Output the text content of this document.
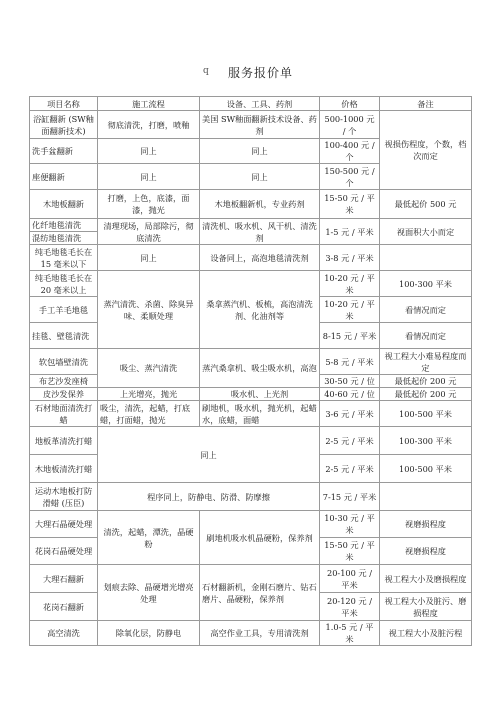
q 服务报价单
项目名称	施工流程	设备、工具、药剂	价格	备注
浴缸翻新 (SW釉面翻新技术)	彻底清洗，打磨，喷釉	美国 SW釉面翻新技术设备、药剂	500-1000 元 / 个	视损伤程度，个数，档次而定
洗手盆翻新	同上	同上	100-400 元 / 个	
座便翻新	同上	同上	150-500 元 / 个	
木地板翻新	打磨，上色，底漆，面漆，抛光	木地板翻新机，专业药剂	15-50 元 / 平米	最低起价 500 元
化纤地毯清洗	清理现场，局部除污，彻底清洗	清洗机、吸水机、风干机、清洗剂	1-5 元 / 平米	视面积大小而定
混纺地毯清洗				
纯毛地毯毛长在 15 毫米以下	同上	设备同上，高泡地毯清洗剂	3-8 元 / 平米	
纯毛地毯毛长在 20 毫米以上	蒸汽清洗、杀菌、除臭异味、柔顺处理	桑拿蒸汽机、板梳，高泡清洗剂、化油剂等	10-20 元 / 平米	100-300 平米
手工羊毛地毯			10-20 元 / 平米	看情况而定
挂毯、壁毯清洗			8-15 元 / 平米	看情况而定
软包墙壁清洗	吸尘、蒸汽清洗	蒸汽桑拿机、吸尘吸水机，高泡	5-8 元 / 平米	视工程大小难易程度而定
布艺沙发座椅			30-50 元 / 位	最低起价 200 元
皮沙发保养	上光增亮，抛光	吸水机、上光剂	40-60 元 / 位	最低起价 200 元
石材地面清洗打蜡	吸尘，清洗，起蜡，打底蜡，打面蜡，抛光	刷地机，吸水机，抛光机，起蜡水，底蜡，面蜡	3-6 元 / 平米	100-500 平米
地板革清洗打蜡	同上		2-5 元 / 平米	100-300 平米
木地板清洗打蜡			2-5 元 / 平米	100-500 平米
运动木地板打防滑蜡 (压臣)	程序同上，防静电、防滑、防摩擦		7-15 元 / 平米	
大理石晶硬处理	清洗，起蜡，潭洗，晶硬粉	刷地机吸水机晶硬粉，保养剂	10-30 元 / 平米	视磨损程度
花岗石晶硬处理			15-50 元 / 平米	视磨损程度
大理石翻新	划痕去除、晶硬增光增亮处理	石材翻新机，金刚石磨片、钻石磨片、晶硬粉，保养剂	20-100 元 / 平米	视工程大小及磨损程度
花岗石翻新			20-120 元 / 平米	视工程大小及脏污、磨损程度
高空清洗	除氧化层，防静电	高空作业工具，专用清洗剂	1.0-5 元 / 平米	视工程大小及脏污程
